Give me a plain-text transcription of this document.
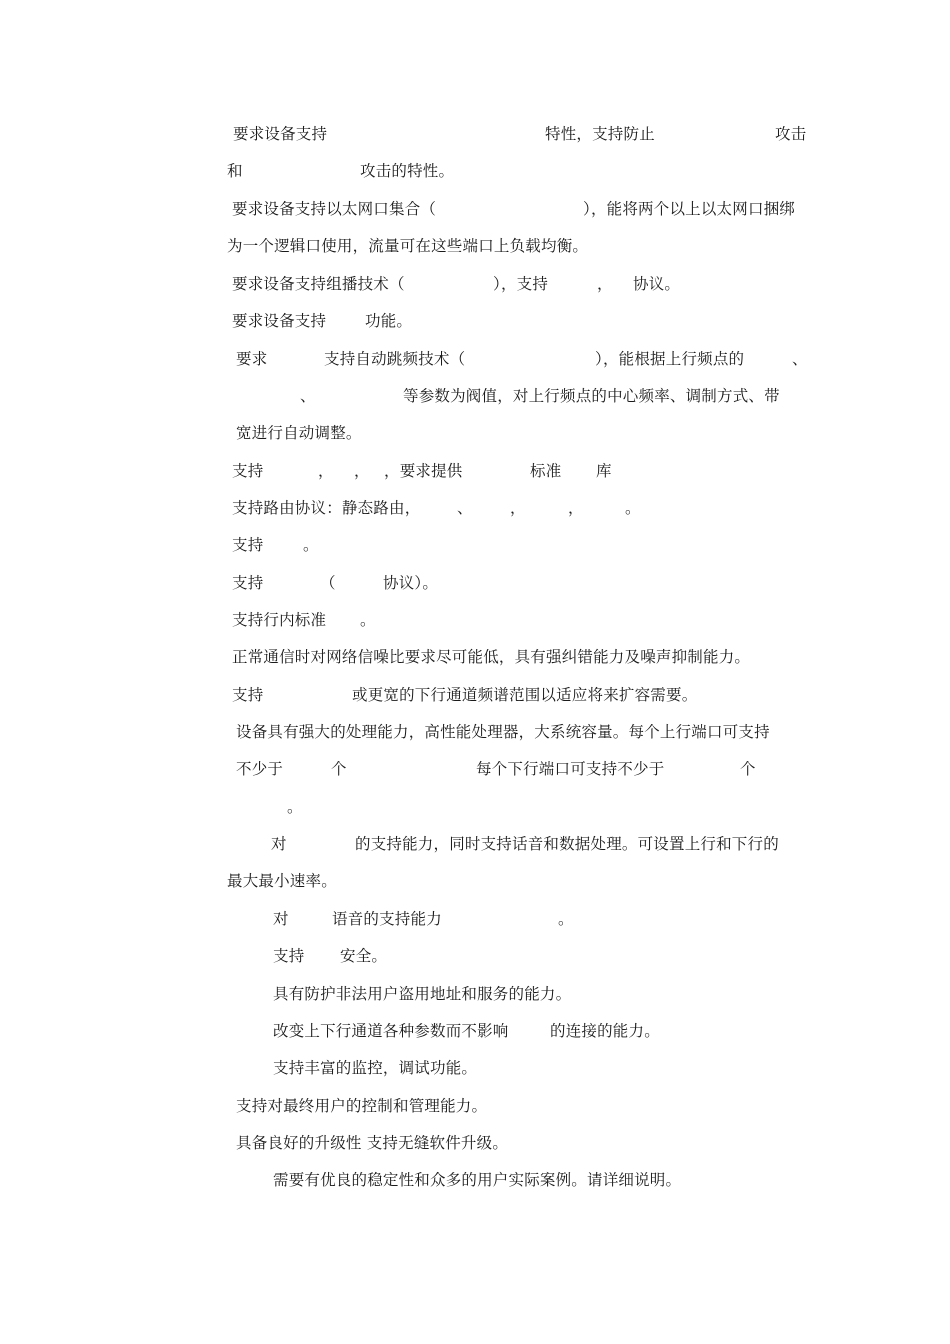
要求设备支持	特性，支持防止	攻击
和	攻击的特性。
要求设备支持以太网口集合（	），能将两个以上以太网口捆绑
为一个逻辑口使用，流量可在这些端口上负载均衡。
要求设备支持组播技术（	），支持	， 协议。
要求设备支持	功能。
要求	支持自动跳频技术（	），能根据上行频点的	、
、	等参数为阀值，对上行频点的中心频率、调制方式、带
宽进行自动调整。
支持	， ， ，要求提供	标准 库
支持路由协议：静态路由， 、 ，	，	。
支持	。
支持	（	协议）。
支持行内标准 。
正常通信时对网络信噪比要求尽可能低，具有强纠错能力及噪声抑制能力。
支持	或更宽的下行通道频谱范围以适应将来扩容需要。
设备具有强大的处理能力，高性能处理器，大系统容量。每个上行端口可支持
不少于	个	每个下行端口可支持不少于	个
。
对	的支持能力，同时支持话音和数据处理。可设置上行和下行的
最大最小速率。
对	语音的支持能力	。
支持 安全。
具有防护非法用户盗用地址和服务的能力。
改变上下行通道各种参数而不影响	的连接的能力。
支持丰富的监控，调试功能。
支持对最终用户的控制和管理能力。
具备良好的升级性 支持无缝软件升级。
需要有优良的稳定性和众多的用户实际案例。请详细说明。
